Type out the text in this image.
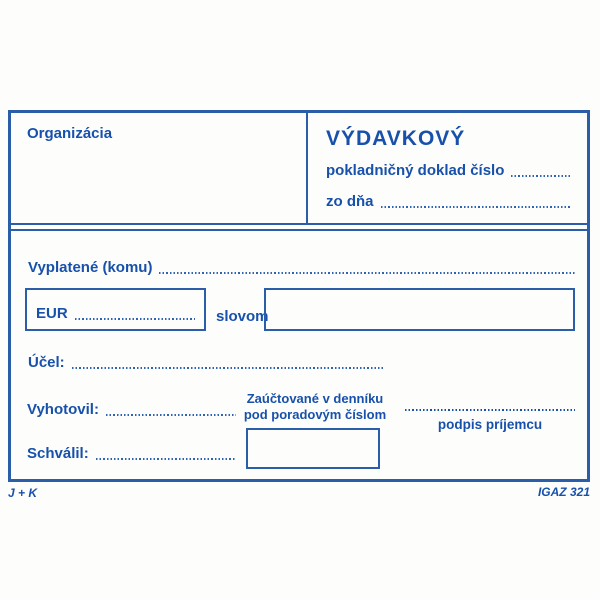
Organizácia	VÝDAVKOVÝ
pokladničný doklad číslo
zo dňa
Vyplatené (komu)
EUR	slovom
Účel:
Vyhotovil:
Schválil:
Zaúčtované v denníku
pod poradovým číslom
podpis príjemcu
J + K	IGAZ 321
